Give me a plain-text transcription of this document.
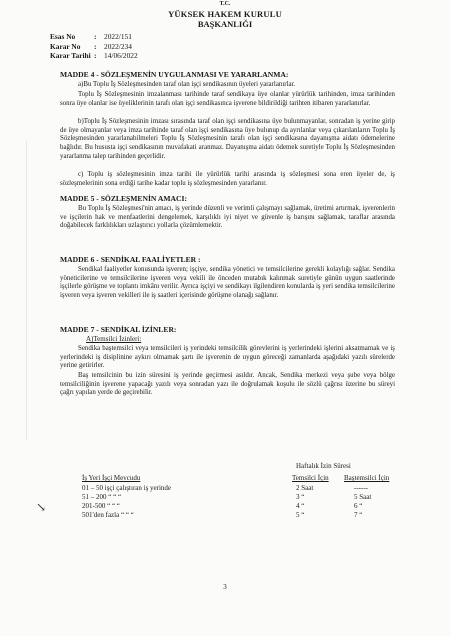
T.C.
YÜKSEK HAKEM KURULU
BAŞKANLIĞI
Esas No	: 2022/151
Karar No : 2022/234
Karar Tarihi : 14/06/2022
MADDE 4 - SÖZLEŞMENİN UYGULANMASI VE YARARLANMA:
a)Bu Toplu İş Sözleşmesinden taraf olan işçi sendikasının üyeleri yararlanırlar.
Toplu İş Sözleşmesinin imzalanması tarihinde taraf sendikaya üye olanlar yürürlük tarihinden, imza tarihinden sonra üye olanlar ise üyeliklerinin tarafı olan işçi sendikasınca işverene bildirildiği tarihten itibaren yararlanırlar.
b)Toplu İş Sözleşmesinin imzası sırasında taraf olan işçi sendikasına üye bulunmayanlar, sonradan iş yerine girip de üye olmayanlar veya imza tarihinde taraf olan işçi sendikasına üye bulunup da ayrılanlar veya çıkarılanların Toplu İş Sözleşmesinden yararlanabilmeleri Toplu İş Sözleşmesinin tarafı olan işçi sendikasına dayanışma aidatı ödemelerine bağlıdır. Bu hususta işçi sendikasının muvafakati aranmaz. Dayanışma aidatı ödemek suretiyle Toplu İş Sözleşmesinden yararlanma talep tarihinden geçerlidir.
c) Toplu iş sözleşmesinin imza tarihi ile yürürlük tarihi arasında iş sözleşmesi sona eren üyeler de, iş sözleşmelerinin sona erdiği tarihe kadar toplu iş sözleşmesinden yararlanır.
MADDE 5 - SÖZLEŞMENİN AMACI:
Bu Toplu İş Sözleşmesi'nin amacı, iş yerinde düzenli ve verimli çalışmayı sağlamak, üretimi artırmak, işverenlerin ve işçilerin hak ve menfaatlerini dengelemek, karşılıklı iyi niyet ve güvenle iş barışını sağlamak, taraflar arasında doğabilecek farklılıkları uzlaştırıcı yollarla çözümlemektir.
MADDE 6 - SENDİKAL FAALİYETLER :
Sendikal faaliyetler konusunda işveren; işçiye, sendika yönetici ve temsilcilerine gerekli kolaylığı sağlar. Sendika yöneticilerine ve temsilcilerine işveren veya vekili ile önceden mutabık kalınmak suretiyle günün uygun saatlerinde işçilerle görüşme ve toplantı imkânı verilir. Ayrıca işçiyi ve sendikayı ilgilendiren konularda iş yeri sendika temsilcilerine işveren veya işveren vekilleri ile iş saatleri içerisinde görüşme olanağı sağlanır.
MADDE 7 - SENDİKAL İZİNLER:
A)Temsilci İzinleri:
Sendika baştemsilci veya temsilcileri iş yerindeki temsilcilik görevlerini iş yerlerindeki işlerini aksatmamak ve iş yerlerindeki iş disiplinine aykırı olmamak şartı ile işverenin de uygun göreceği zamanlarda aşağıdaki yazılı sürelerde yerine getirirler.
Baş temsilcinin bu izin süresini iş yerinde geçirmesi asıldır. Ancak, Sendika merkezi veya şube veya bölge temsilciliğinin işverene yapacağı yazılı veya sonradan yazı ile doğrulamak koşulu ile sözlü çağrısı üzerine bu süreyi çağrı yapılan yerde de geçirebilir.
Haftalık İzin Süresi
İş Yeri İşçi Mevcudu	Temsilci İçin Baştemsilci İçin
01 – 50 işçi çalıştıran iş yerinde	2 Saat	------
51 – 200 “ “ “	3 “	5 Saat
201-500 “ “ “	4 “	6 “
501'den fazla “ “ “	5 “	7 “
↘
3
